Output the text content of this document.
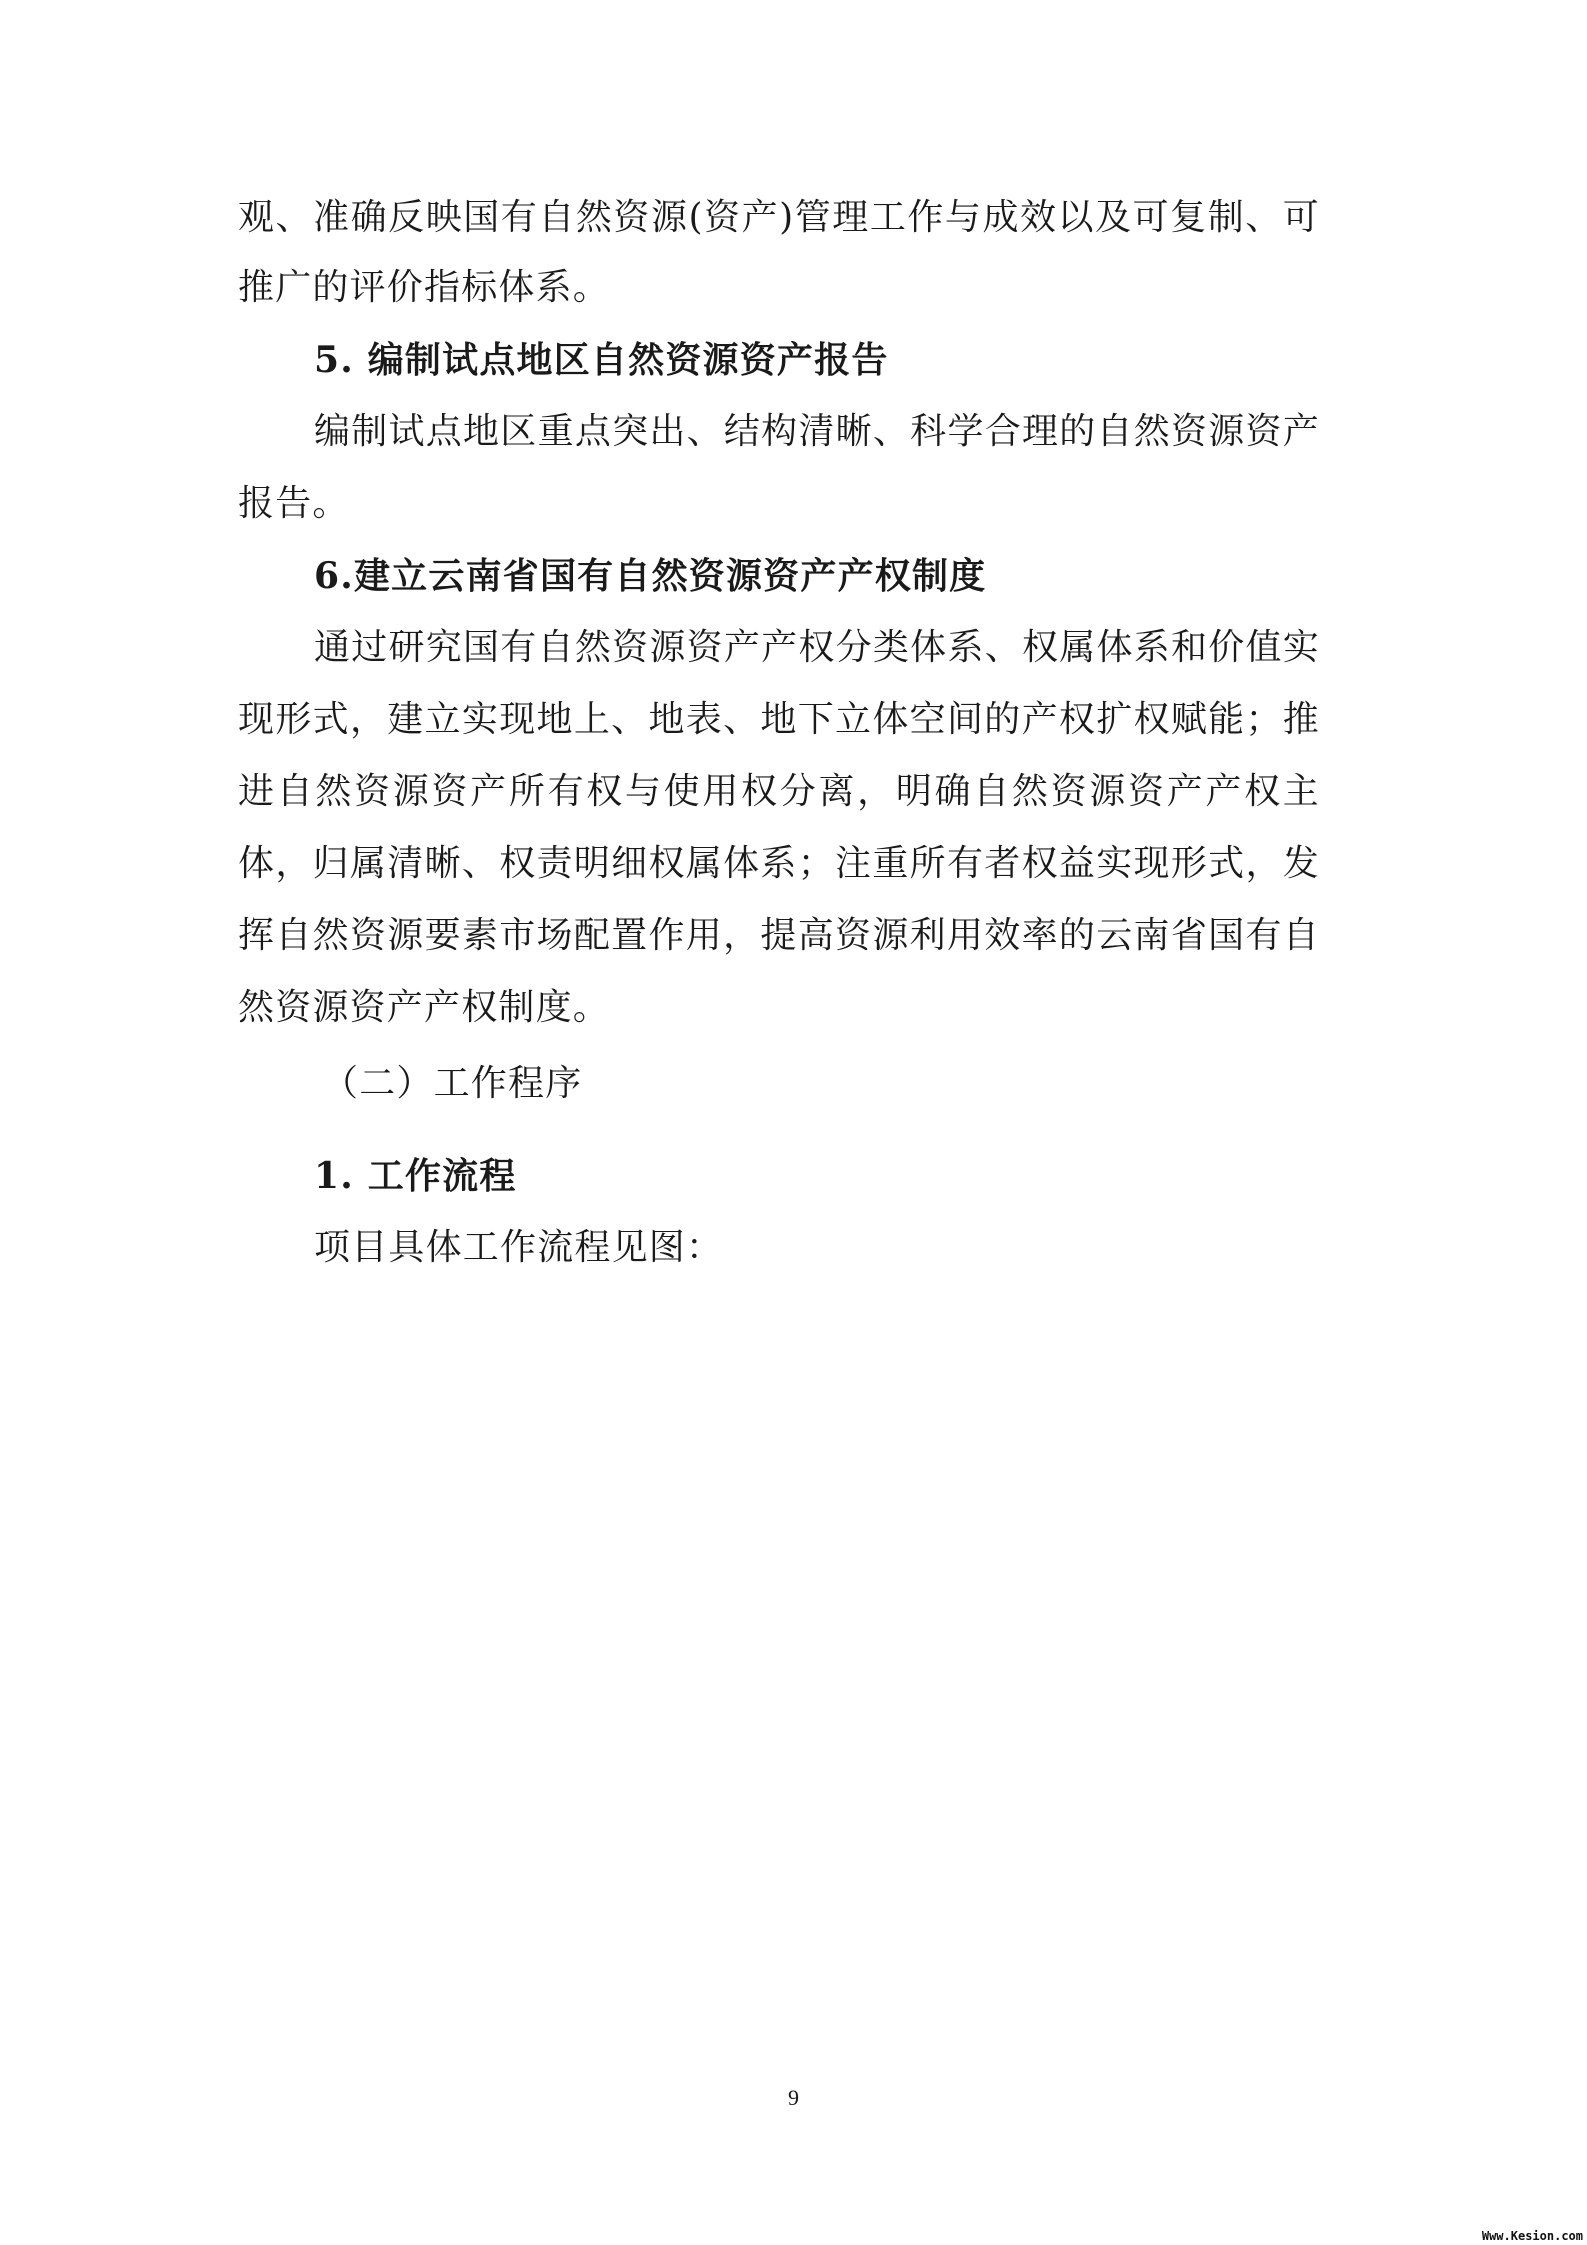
观、准确反映国有自然资源(资产)管理工作与成效以及可复制、可
推广的评价指标体系。
5. 编制试点地区自然资源资产报告
编制试点地区重点突出、结构清晰、科学合理的自然资源资产
报告。
6.建立云南省国有自然资源资产产权制度
通过研究国有自然资源资产产权分类体系、权属体系和价值实
现形式，建立实现地上、地表、地下立体空间的产权扩权赋能；推
进自然资源资产所有权与使用权分离，明确自然资源资产产权主
体，归属清晰、权责明细权属体系；注重所有者权益实现形式，发
挥自然资源要素市场配置作用，提高资源利用效率的云南省国有自
然资源资产产权制度。
（二）工作程序
1. 工作流程
项目具体工作流程见图：
9
Www.Kesion.com
